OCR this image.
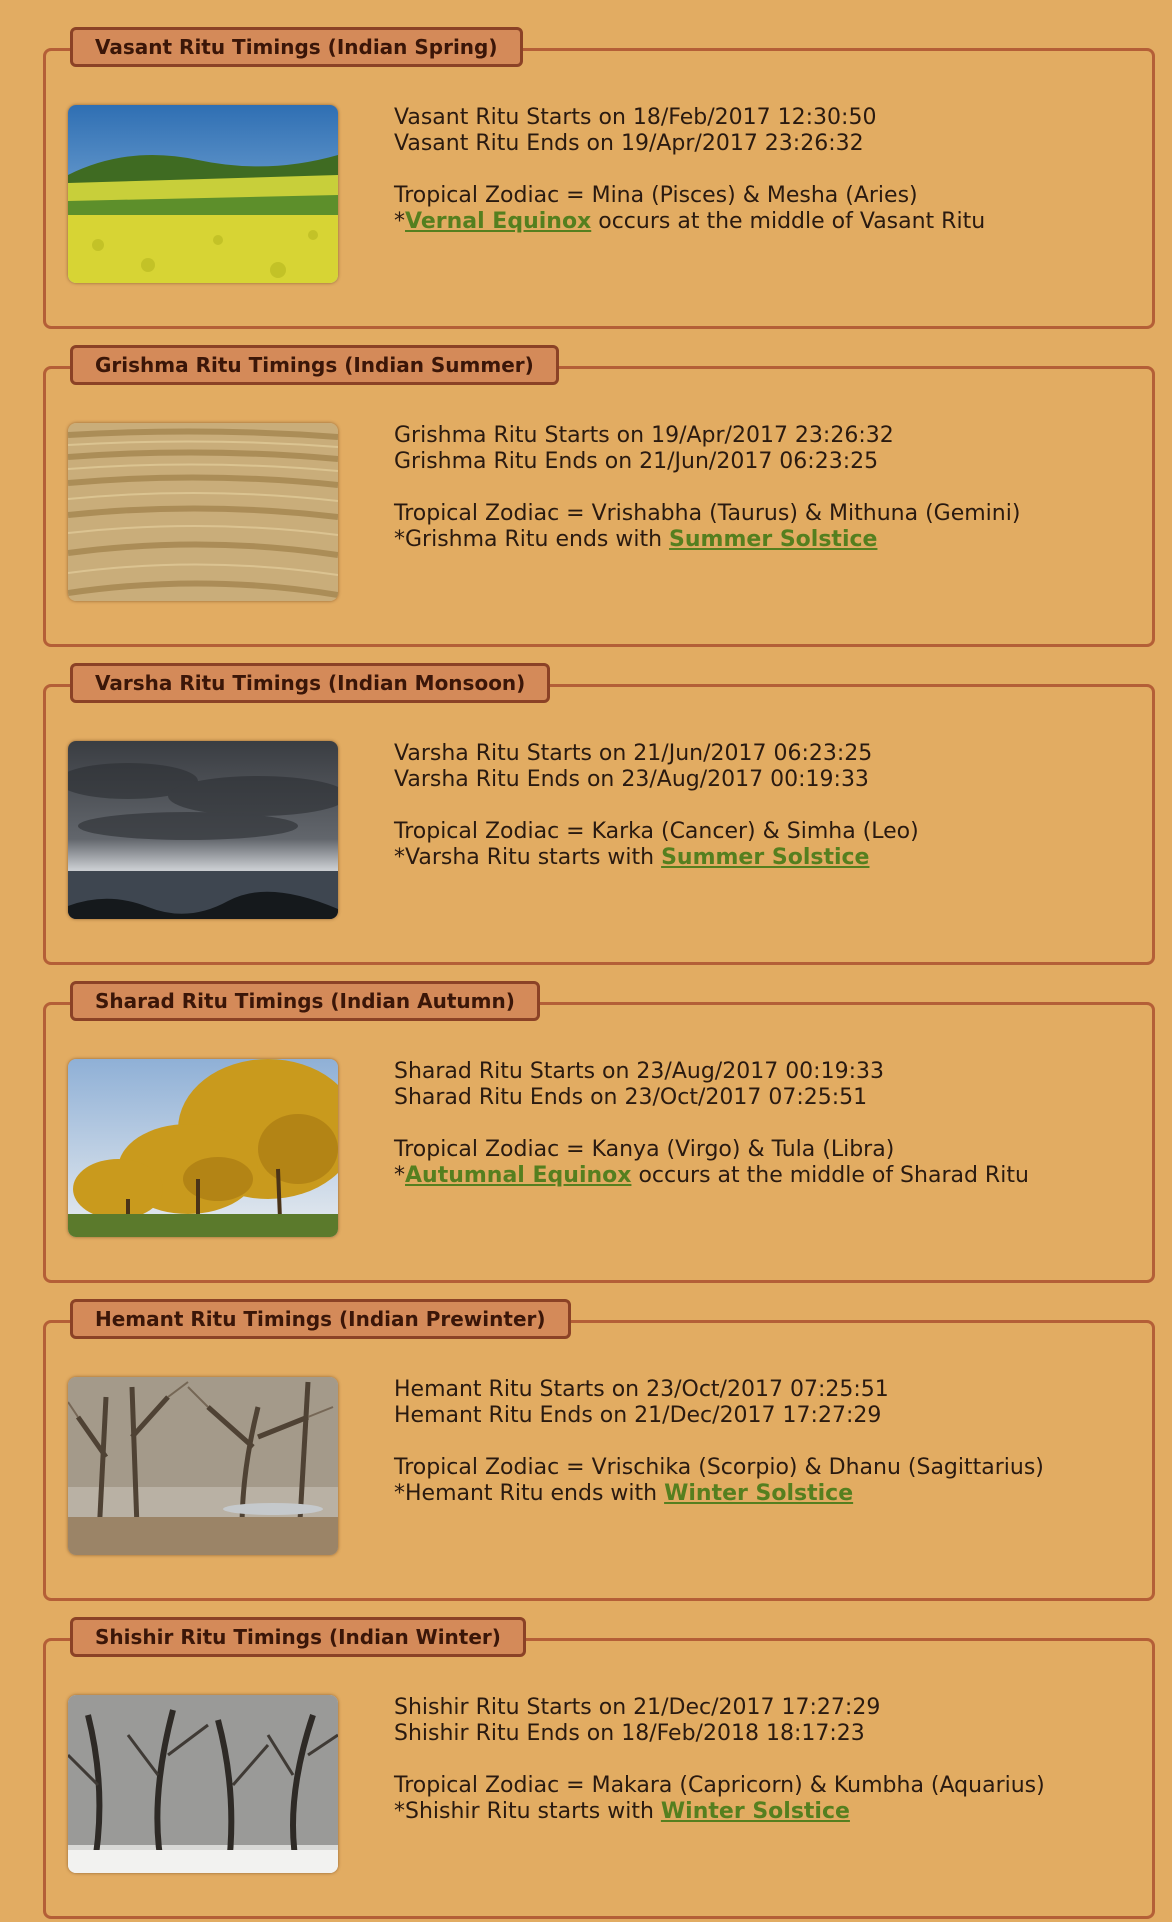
Vasant Ritu Timings (Indian Spring)

Vasant Ritu Starts on 18/Feb/2017 12:30:50

Vasant Ritu Ends on 19/Apr/2017 23:26:32

Tropical Zodiac = Mina (Pisces) & Mesha (Aries)

*Vernal Equinox occurs at the middle of Vasant Ritu

Grishma Ritu Timings (Indian Summer)

Grishma Ritu Starts on 19/Apr/2017 23:26:32

Grishma Ritu Ends on 21/Jun/2017 06:23:25

Tropical Zodiac = Vrishabha (Taurus) & Mithuna (Gemini)

*Grishma Ritu ends with Summer Solstice

Varsha Ritu Timings (Indian Monsoon)

Varsha Ritu Starts on 21/Jun/2017 06:23:25

Varsha Ritu Ends on 23/Aug/2017 00:19:33

Tropical Zodiac = Karka (Cancer) & Simha (Leo)

*Varsha Ritu starts with Summer Solstice

Sharad Ritu Timings (Indian Autumn)

Sharad Ritu Starts on 23/Aug/2017 00:19:33

Sharad Ritu Ends on 23/Oct/2017 07:25:51

Tropical Zodiac = Kanya (Virgo) & Tula (Libra)

*Autumnal Equinox occurs at the middle of Sharad Ritu

Hemant Ritu Timings (Indian Prewinter)

Hemant Ritu Starts on 23/Oct/2017 07:25:51

Hemant Ritu Ends on 21/Dec/2017 17:27:29

Tropical Zodiac = Vrischika (Scorpio) & Dhanu (Sagittarius)

*Hemant Ritu ends with Winter Solstice

Shishir Ritu Timings (Indian Winter)

Shishir Ritu Starts on 21/Dec/2017 17:27:29

Shishir Ritu Ends on 18/Feb/2018 18:17:23

Tropical Zodiac = Makara (Capricorn) & Kumbha (Aquarius)

*Shishir Ritu starts with Winter Solstice
